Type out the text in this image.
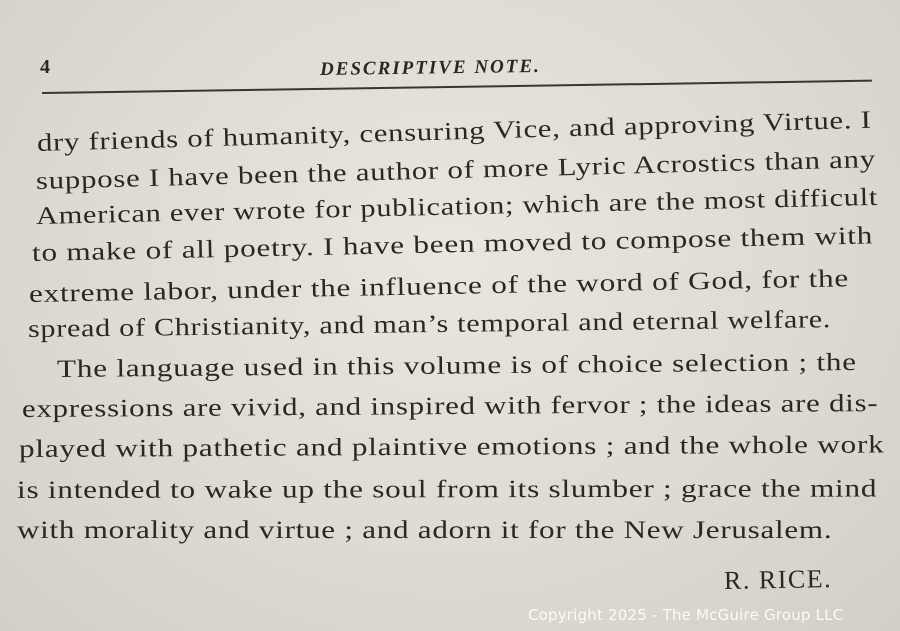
4	DESCRIPTIVE NOTE.
dry friends of humanity, censuring Vice, and approving Virtue. I
suppose I have been the author of more Lyric Acrostics than any
American ever wrote for publication; which are the most difficult
to make of all poetry. I have been moved to compose them with
extreme labor, under the influence of the word of God, for the
spread of Christianity, and man’s temporal and eternal welfare.
The language used in this volume is of choice selection ; the
expressions are vivid, and inspired with fervor ; the ideas are dis-
played with pathetic and plaintive emotions ; and the whole work
is intended to wake up the soul from its slumber ; grace the mind
with morality and virtue ; and adorn it for the New Jerusalem.
R. RICE.
Copyright 2025 - The McGuire Group LLC
